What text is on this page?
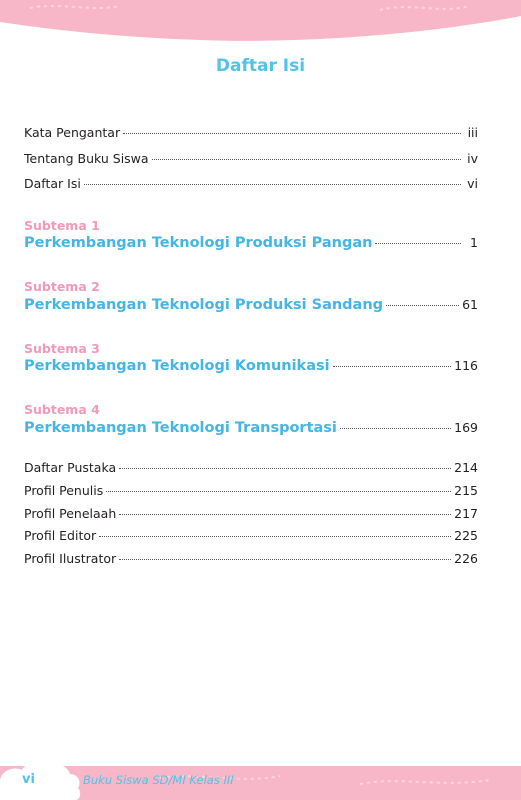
Daftar Isi
Kata Pengantar	iii
Tentang Buku Siswa	iv
Daftar Isi	vi
Subtema 1
Perkembangan Teknologi Produksi Pangan	1
Subtema 2
Perkembangan Teknologi Produksi Sandang	61
Subtema 3
Perkembangan Teknologi Komunikasi	116
Subtema 4
Perkembangan Teknologi Transportasi	169
Daftar Pustaka	214
Profil Penulis	215
Profil Penelaah	217
Profil Editor	225
Profil Ilustrator	226
vi	Buku Siswa SD/MI Kelas III
